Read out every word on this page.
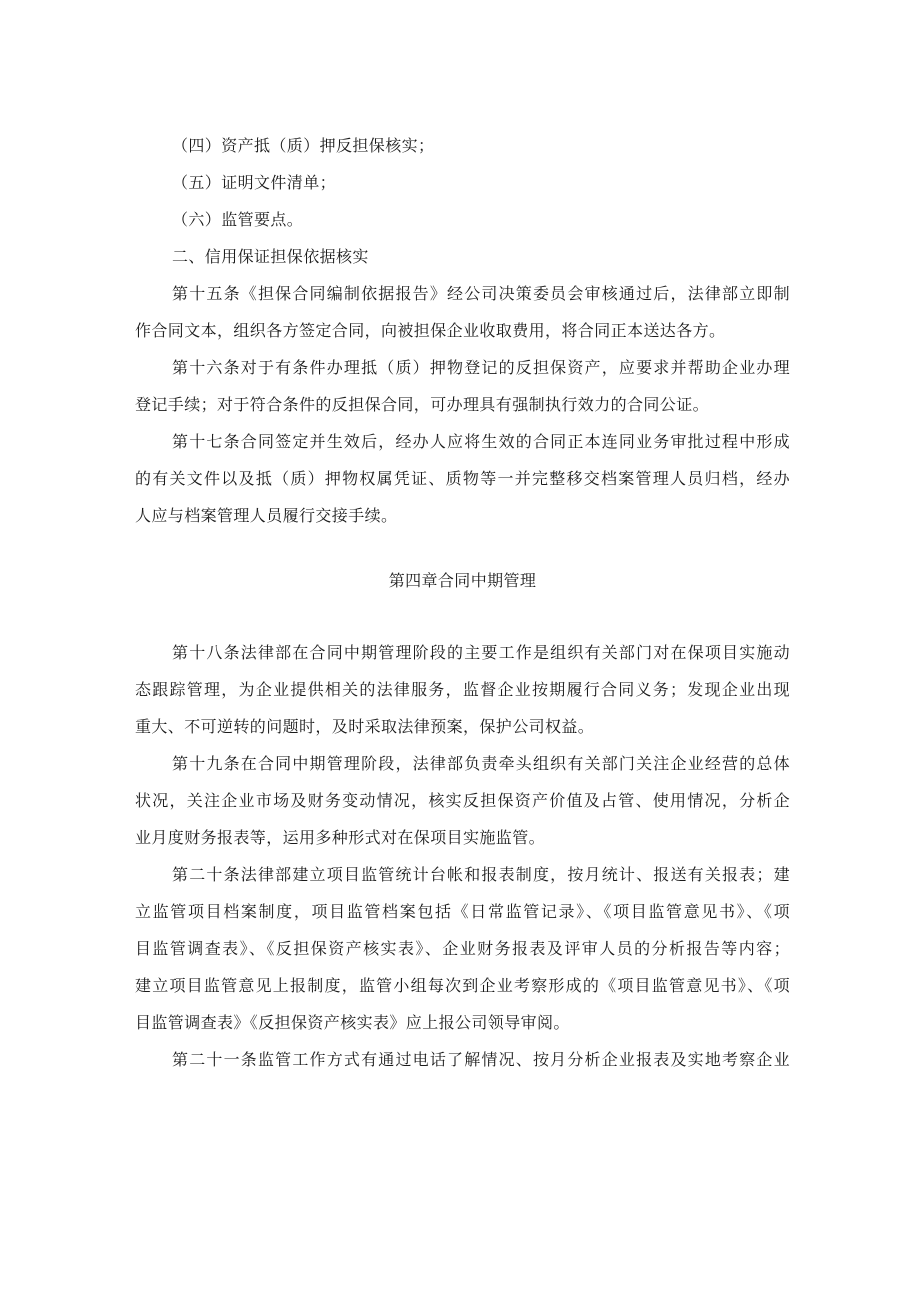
（四）资产抵（质）押反担保核实；
（五）证明文件清单；
（六）监管要点。
二、信用保证担保依据核实
第十五条《担保合同编制依据报告》经公司决策委员会审核通过后，法律部立即制
作合同文本，组织各方签定合同，向被担保企业收取费用，将合同正本送达各方。
第十六条对于有条件办理抵（质）押物登记的反担保资产，应要求并帮助企业办理
登记手续；对于符合条件的反担保合同，可办理具有强制执行效力的合同公证。
第十七条合同签定并生效后，经办人应将生效的合同正本连同业务审批过程中形成
的有关文件以及抵（质）押物权属凭证、质物等一并完整移交档案管理人员归档，经办
人应与档案管理人员履行交接手续。
第四章合同中期管理
第十八条法律部在合同中期管理阶段的主要工作是组织有关部门对在保项目实施动
态跟踪管理，为企业提供相关的法律服务，监督企业按期履行合同义务；发现企业出现
重大、不可逆转的问题时，及时采取法律预案，保护公司权益。
第十九条在合同中期管理阶段，法律部负责牵头组织有关部门关注企业经营的总体
状况，关注企业市场及财务变动情况，核实反担保资产价值及占管、使用情况，分析企
业月度财务报表等，运用多种形式对在保项目实施监管。
第二十条法律部建立项目监管统计台帐和报表制度，按月统计、报送有关报表；建
立监管项目档案制度，项目监管档案包括《日常监管记录》、《项目监管意见书》、《项
目监管调查表》、《反担保资产核实表》、企业财务报表及评审人员的分析报告等内容；
建立项目监管意见上报制度，监管小组每次到企业考察形成的《项目监管意见书》、《项
目监管调查表》《反担保资产核实表》应上报公司领导审阅。
第二十一条监管工作方式有通过电话了解情况、按月分析企业报表及实地考察企业
